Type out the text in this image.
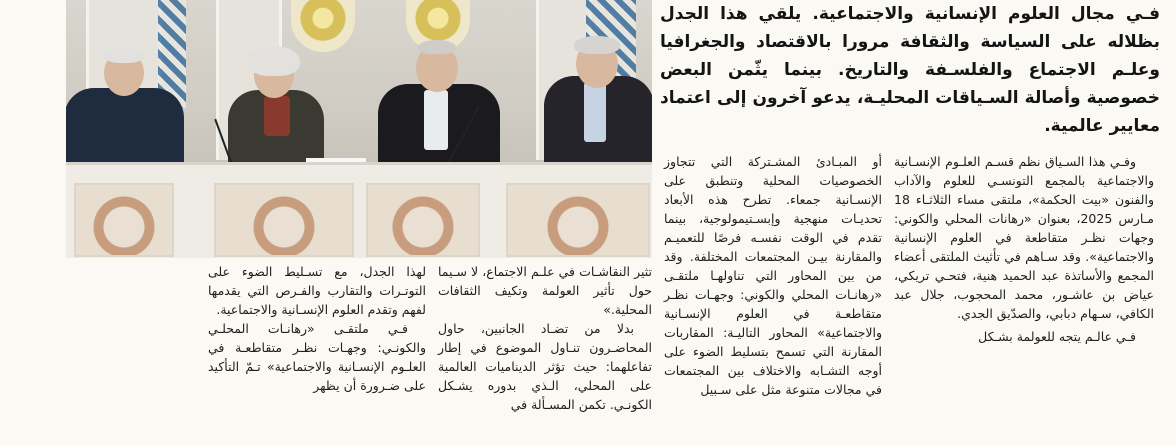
فـي مجال العلوم الإنسانية والاجتماعية. يلقي هذا الجدل بظلاله على السياسة والثقافة مرورا بالاقتصاد والجغرافيا وعلـم الاجتماع والفلسـفة والتاريخ. بينما يثّمن البعض خصوصية وأصالة السـياقات المحليـة، يدعو آخرون إلى اعتماد معايير عالمية.

وفـي هذا السـياق نظم قسـم العلـوم الإنسـانية والاجتماعية بالمجمع التونسـي للعلوم والآداب والفنون «بيت الحكمة»، ملتقى مساء الثلاثـاء 18 مـارس 2025، بعنوان «رهانات المحلي والكوني: وجهات نظـر متقاطعة في العلوم الإنسانية والاجتماعية». وقد سـاهم في تأثيث الملتقى أعضاء المجمع والأساتذة عبد الحميد هنية، فتحـي تريكي، عياض بن عاشـور، محمد المحجوب، جلال عبد الكافي، سـهام دبابي، والصدّيق الجدي.

فـي عالـم يتجه للعولمة بشـكل

أو المبـادئ المشـتركة التي تتجاوز الخصوصيات المحلية وتنطبق على الإنسـانية جمعاء. تطرح هذه الأبعاد تحديـات منهجية وإبسـتيمولوجية، بينما تقدم في الوقت نفسـه فرصًا للتعميـم والمقارنة بيـن المجتمعات المختلفة. وقد من بين المحاور التي تناولهـا ملتقـى «رهانـات المحلي والكوني: وجهـات نظـر متقاطعـة في العلوم الإنسـانية والاجتماعية» المحاور التاليـة: المقاربات المقارنة التي تسمح بتسليط الضوء على أوجه التشـابه والاختلاف بين المجتمعات في مجالات متنوعة مثل على سـبيل

تثير النقاشـات في علـم الاجتماع، لا سـيما حول تأثير العولمة وتكيف الثقافات المحلية.»

بدلا من تضـاد الجانبين، حاول المحاضـرون تنـاول الموضوع في إطار تفاعلهما: حيث تؤثر الديناميات العالمية على المحلي، الـذي بدوره يشـكل الكونـي. تكمن المسـألة في

لهذا الجدل، مع تسـليط الضوء على التوتـرات والتقارب والفـرص التي يقدمها لفهم وتقدم العلوم الإنسـانية والاجتماعية.

فـي ملتقـى «رهانـات المحلـي والكونـي: وجهـات نظـر متقاطعـة في العلـوم الإنسـانية والاجتماعية» تـمّ التأكيد على ضـرورة أن يظهر
